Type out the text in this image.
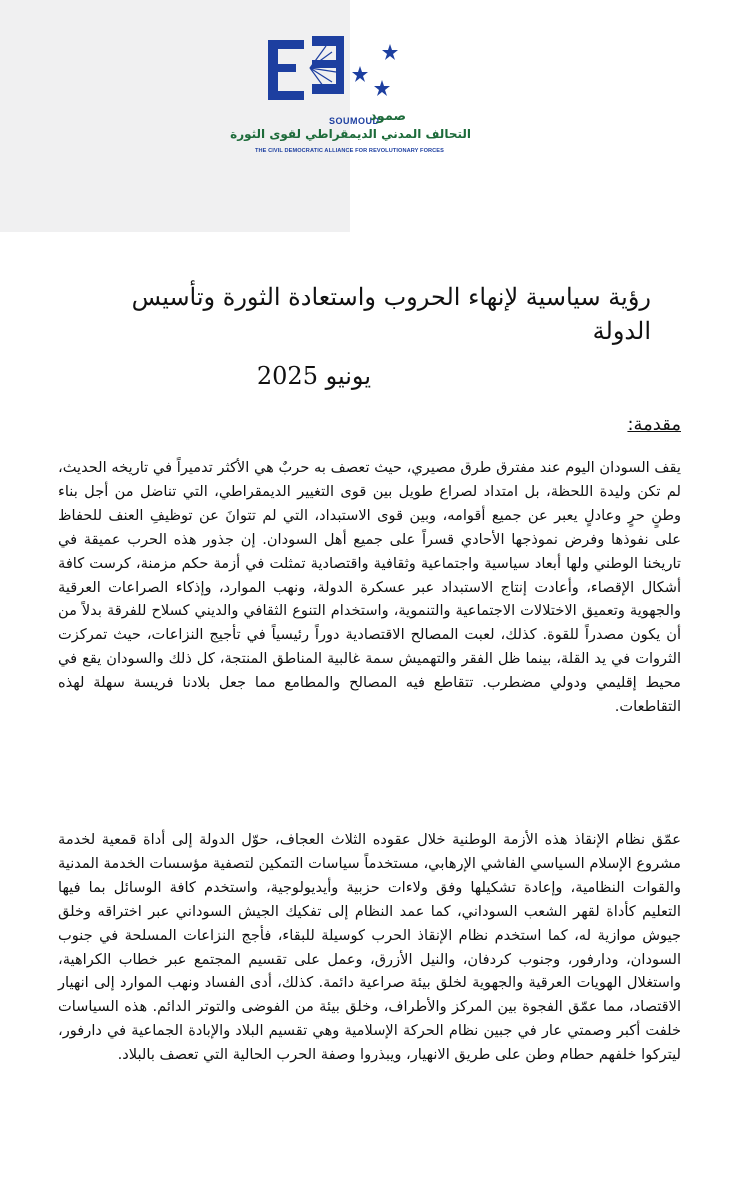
SOUMOUD
صمود
التحالف المدني الديمقراطي لقوى الثورة
THE CIVIL DEMOCRATIC ALLIANCE FOR REVOLUTIONARY FORCES
رؤية سياسية لإنهاء الحروب واستعادة الثورة وتأسيس الدولة
يونيو 2025
مقدمة:

يقف السودان اليوم عند مفترق طرق مصيري، حيث تعصف به حربٌ هي الأكثر تدميراً في تاريخه الحديث، لم تكن وليدة اللحظة، بل امتداد لصراع طويل بين قوى التغيير الديمقراطي، التي تناضل من أجل بناء وطنٍ حرٍ وعادلٍ يعبر عن جميع أقوامه، وبين قوى الاستبداد، التي لم تتوانَ عن توظيفِ العنف للحفاظ على نفوذها وفرض نموذجها الأحادي قسراً على جميع أهل السودان. إن جذور هذه الحرب عميقة في تاريخنا الوطني ولها أبعاد سياسية واجتماعية وثقافية واقتصادية تمثلت في أزمة حكم مزمنة، كرست كافة أشكال الإقصاء، وأعادت إنتاج الاستبداد عبر عسكرة الدولة، ونهب الموارد، وإذكاء الصراعات العرقية والجهوية وتعميق الاختلالات الاجتماعية والتنموية، واستخدام التنوع الثقافي والديني كسلاح للفرقة بدلاً من أن يكون مصدراً للقوة. كذلك، لعبت المصالح الاقتصادية دوراً رئيسياً في تأجيج النزاعات، حيث تمركزت الثروات في يد القلة، بينما ظل الفقر والتهميش سمة غالبية المناطق المنتجة، كل ذلك والسودان يقع في محيط إقليمي ودولي مضطرب. تتقاطع فيه المصالح والمطامع مما جعل بلادنا فريسة سهلة لهذه التقاطعات.

عمّق نظام الإنقاذ هذه الأزمة الوطنية خلال عقوده الثلاث العجاف، حوّل الدولة إلى أداة قمعية لخدمة مشروع الإسلام السياسي الفاشي الإرهابي، مستخدماً سياسات التمكين لتصفية مؤسسات الخدمة المدنية والقوات النظامية، وإعادة تشكيلها وفق ولاءات حزبية وأيديولوجية، واستخدم كافة الوسائل بما فيها التعليم كأداة لقهر الشعب السوداني، كما عمد النظام إلى تفكيك الجيش السوداني عبر اختراقه وخلق جيوش موازية له، كما استخدم نظام الإنقاذ الحرب كوسيلة للبقاء، فأجج النزاعات المسلحة في جنوب السودان، ودارفور، وجنوب كردفان، والنيل الأزرق، وعمل على تقسيم المجتمع عبر خطاب الكراهية، واستغلال الهويات العرقية والجهوية لخلق بيئة صراعية دائمة. كذلك، أدى الفساد ونهب الموارد إلى انهيار الاقتصاد، مما عمّق الفجوة بين المركز والأطراف، وخلق بيئة من الفوضى والتوتر الدائم. هذه السياسات خلفت أكبر وصمتي عار في جبين نظام الحركة الإسلامية وهي تقسيم البلاد والإبادة الجماعية في دارفور، ليتركوا خلفهم حطام وطن على طريق الانهيار، ويبذروا وصفة الحرب الحالية التي تعصف بالبلاد.
